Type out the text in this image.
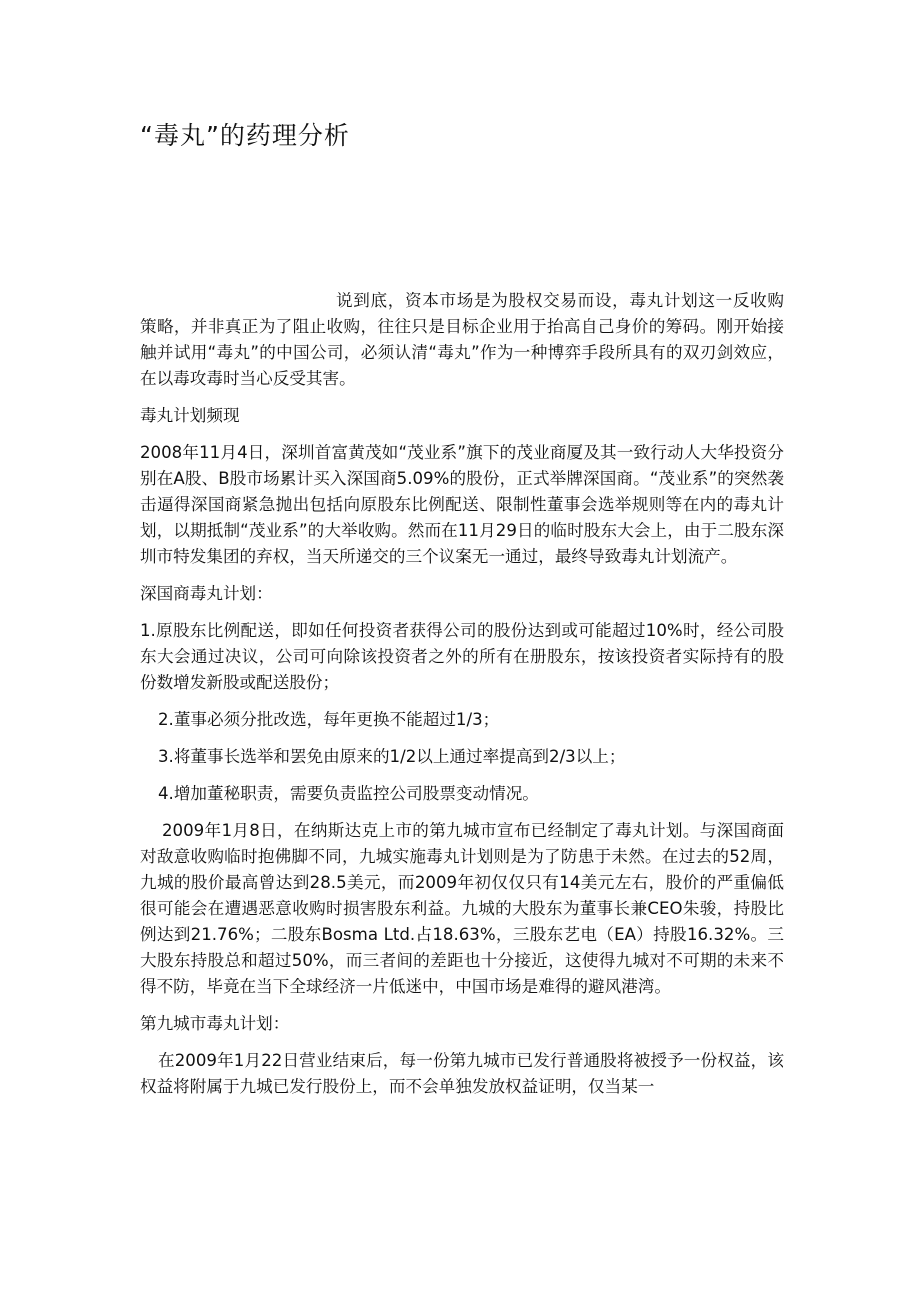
“毒丸”的药理分析

说到底，资本市场是为股权交易而设，毒丸计划这一反收购策略，并非真正为了阻止收购，往往只是目标企业用于抬高自己身价的筹码。刚开始接触并试用“毒丸”的中国公司，必须认清“毒丸”作为一种博弈手段所具有的双刃剑效应，在以毒攻毒时当心反受其害。

毒丸计划频现

2008年11月4日，深圳首富黄茂如“茂业系”旗下的茂业商厦及其一致行动人大华投资分别在A股、B股市场累计买入深国商5.09%的股份，正式举牌深国商。“茂业系”的突然袭击逼得深国商紧急抛出包括向原股东比例配送、限制性董事会选举规则等在内的毒丸计划，以期抵制“茂业系”的大举收购。然而在11月29日的临时股东大会上，由于二股东深圳市特发集团的弃权，当天所递交的三个议案无一通过，最终导致毒丸计划流产。

深国商毒丸计划：

1.原股东比例配送，即如任何投资者获得公司的股份达到或可能超过10%时，经公司股东大会通过决议，公司可向除该投资者之外的所有在册股东，按该投资者实际持有的股份数增发新股或配送股份；

2.董事必须分批改选，每年更换不能超过1/3；

3.将董事长选举和罢免由原来的1/2以上通过率提高到2/3以上；

4.增加董秘职责，需要负责监控公司股票变动情况。

2009年1月8日，在纳斯达克上市的第九城市宣布已经制定了毒丸计划。与深国商面对敌意收购临时抱佛脚不同，九城实施毒丸计划则是为了防患于未然。在过去的52周，九城的股价最高曾达到28.5美元，而2009年初仅仅只有14美元左右，股价的严重偏低很可能会在遭遇恶意收购时损害股东利益。九城的大股东为董事长兼CEO朱骏，持股比例达到21.76%；二股东Bosma Ltd.占18.63%，三股东艺电（EA）持股16.32%。三大股东持股总和超过50%，而三者间的差距也十分接近，这使得九城对不可期的未来不得不防，毕竟在当下全球经济一片低迷中，中国市场是难得的避风港湾。

第九城市毒丸计划：

在2009年1月22日营业结束后，每一份第九城市已发行普通股将被授予一份权益，该权益将附属于九城已发行股份上，而不会单独发放权益证明，仅当某一
